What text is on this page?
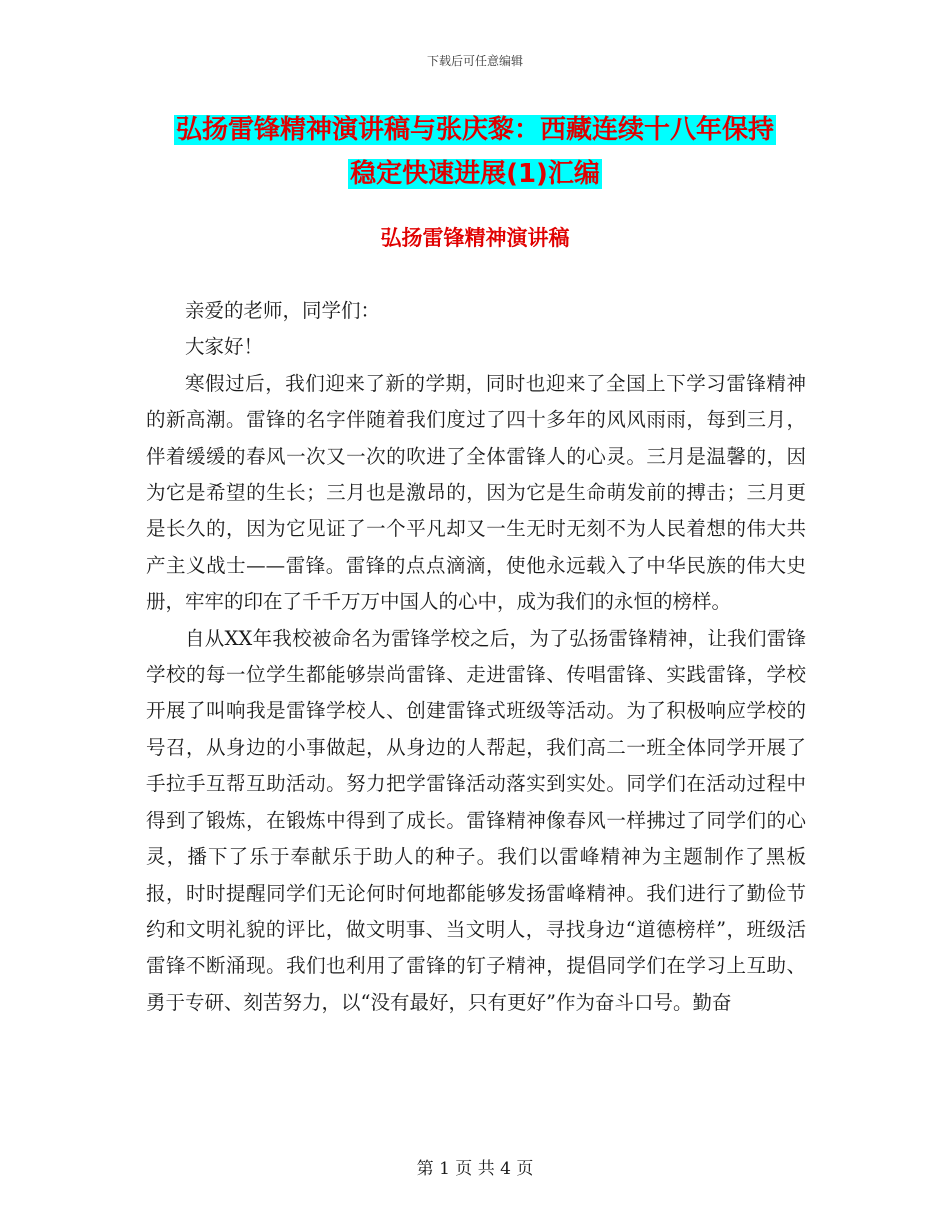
下载后可任意编辑
弘扬雷锋精神演讲稿与张庆黎：西藏连续十八年保持
稳定快速进展(1)汇编
弘扬雷锋精神演讲稿

亲爱的老师，同学们：

大家好！

寒假过后，我们迎来了新的学期，同时也迎来了全国上下学习雷锋精神的新高潮。雷锋的名字伴随着我们度过了四十多年的风风雨雨，每到三月，伴着缓缓的春风一次又一次的吹进了全体雷锋人的心灵。三月是温馨的，因为它是希望的生长；三月也是激昂的，因为它是生命萌发前的搏击；三月更是长久的，因为它见证了一个平凡却又一生无时无刻不为人民着想的伟大共产主义战士——雷锋。雷锋的点点滴滴，使他永远载入了中华民族的伟大史册，牢牢的印在了千千万万中国人的心中，成为我们的永恒的榜样。

自从XX年我校被命名为雷锋学校之后，为了弘扬雷锋精神，让我们雷锋学校的每一位学生都能够崇尚雷锋、走进雷锋、传唱雷锋、实践雷锋，学校开展了叫响我是雷锋学校人、创建雷锋式班级等活动。为了积极响应学校的号召，从身边的小事做起，从身边的人帮起，我们高二一班全体同学开展了手拉手互帮互助活动。努力把学雷锋活动落实到实处。同学们在活动过程中得到了锻炼，在锻炼中得到了成长。雷锋精神像春风一样拂过了同学们的心灵，播下了乐于奉献乐于助人的种子。我们以雷峰精神为主题制作了黑板报，时时提醒同学们无论何时何地都能够发扬雷峰精神。我们进行了勤俭节约和文明礼貌的评比，做文明事、当文明人，寻找身边“道德榜样”，班级活雷锋不断涌现。我们也利用了雷锋的钉子精神，提倡同学们在学习上互助、勇于专研、刻苦努力，以“没有最好，只有更好”作为奋斗口号。勤奋

第 1 页 共 4 页
